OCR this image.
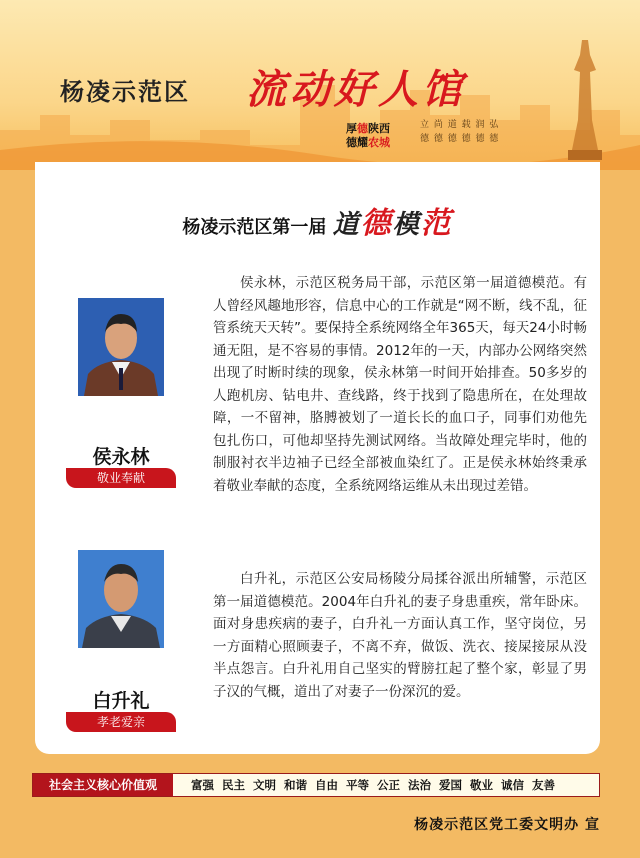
杨凌示范区 流动好人馆
厚德陕西
德耀农城
立 尚 道 载 润 弘
德 德 德 德 德 德
杨凌示范区第一届 道德模范
侯永林
敬业奉献
侯永林，示范区税务局干部，示范区第一届道德模范。有人曾经风趣地形容，信息中心的工作就是“网不断，线不乱，征管系统天天转”。要保持全系统网络全年365天，每天24小时畅通无阻，是不容易的事情。2012年的一天，内部办公网络突然出现了时断时续的现象，侯永林第一时间开始排查。50多岁的人跑机房、钻电井、查线路，终于找到了隐患所在，在处理故障，一不留神，胳膊被划了一道长长的血口子，同事们劝他先包扎伤口，可他却坚持先测试网络。当故障处理完毕时，他的制服衬衣半边袖子已经全部被血染红了。正是侯永林始终秉承着敬业奉献的态度，全系统网络运维从未出现过差错。
白升礼
孝老爱亲
白升礼，示范区公安局杨陵分局揉谷派出所辅警，示范区第一届道德模范。2004年白升礼的妻子身患重疾，常年卧床。面对身患疾病的妻子，白升礼一方面认真工作，坚守岗位，另一方面精心照顾妻子，不离不弃，做饭、洗衣、接屎接尿从没半点怨言。白升礼用自己坚实的臂膀扛起了整个家，彰显了男子汉的气概，道出了对妻子一份深沉的爱。
社会主义核心价值观	富强 民主 文明 和谐 自由 平等 公正 法治 爱国 敬业 诚信 友善
杨凌示范区党工委文明办 宣
